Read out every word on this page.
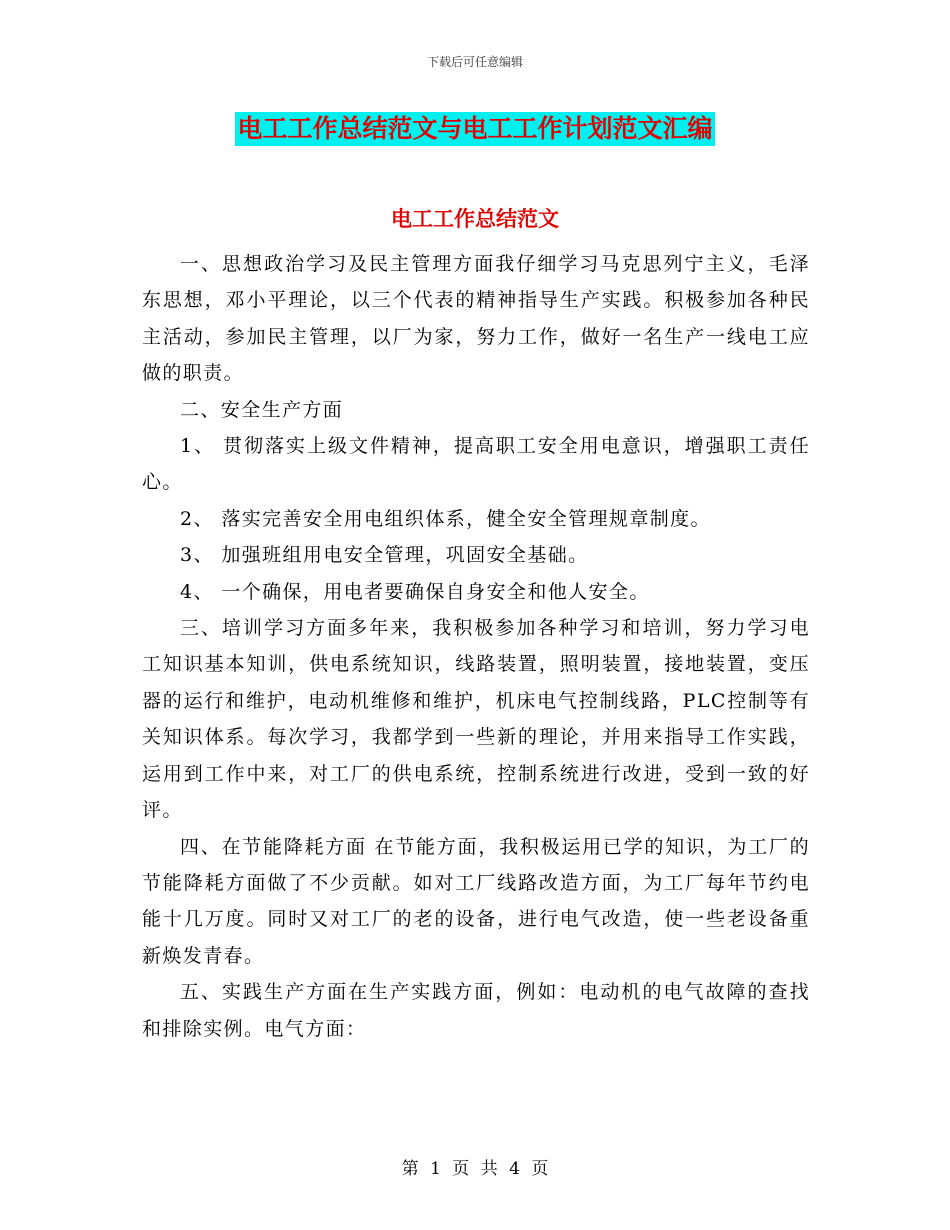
下载后可任意编辑
电工工作总结范文与电工工作计划范文汇编
电工工作总结范文

一、思想政治学习及民主管理方面我仔细学习马克思列宁主义，毛泽东思想，邓小平理论，以三个代表的精神指导生产实践。积极参加各种民主活动，参加民主管理，以厂为家，努力工作，做好一名生产一线电工应做的职责。

二、安全生产方面

1、 贯彻落实上级文件精神，提高职工安全用电意识，增强职工责任心。

2、 落实完善安全用电组织体系，健全安全管理规章制度。

3、 加强班组用电安全管理，巩固安全基础。

4、 一个确保，用电者要确保自身安全和他人安全。

三、培训学习方面多年来，我积极参加各种学习和培训，努力学习电工知识基本知训，供电系统知识，线路装置，照明装置，接地装置，变压器的运行和维护，电动机维修和维护，机床电气控制线路，PLC控制等有关知识体系。每次学习，我都学到一些新的理论，并用来指导工作实践，运用到工作中来，对工厂的供电系统，控制系统进行改进，受到一致的好评。

四、在节能降耗方面 在节能方面，我积极运用已学的知识，为工厂的节能降耗方面做了不少贡献。如对工厂线路改造方面，为工厂每年节约电能十几万度。同时又对工厂的老的设备，进行电气改造，使一些老设备重新焕发青春。

五、实践生产方面在生产实践方面，例如：电动机的电气故障的查找和排除实例。电气方面：

第 1 页 共 4 页
